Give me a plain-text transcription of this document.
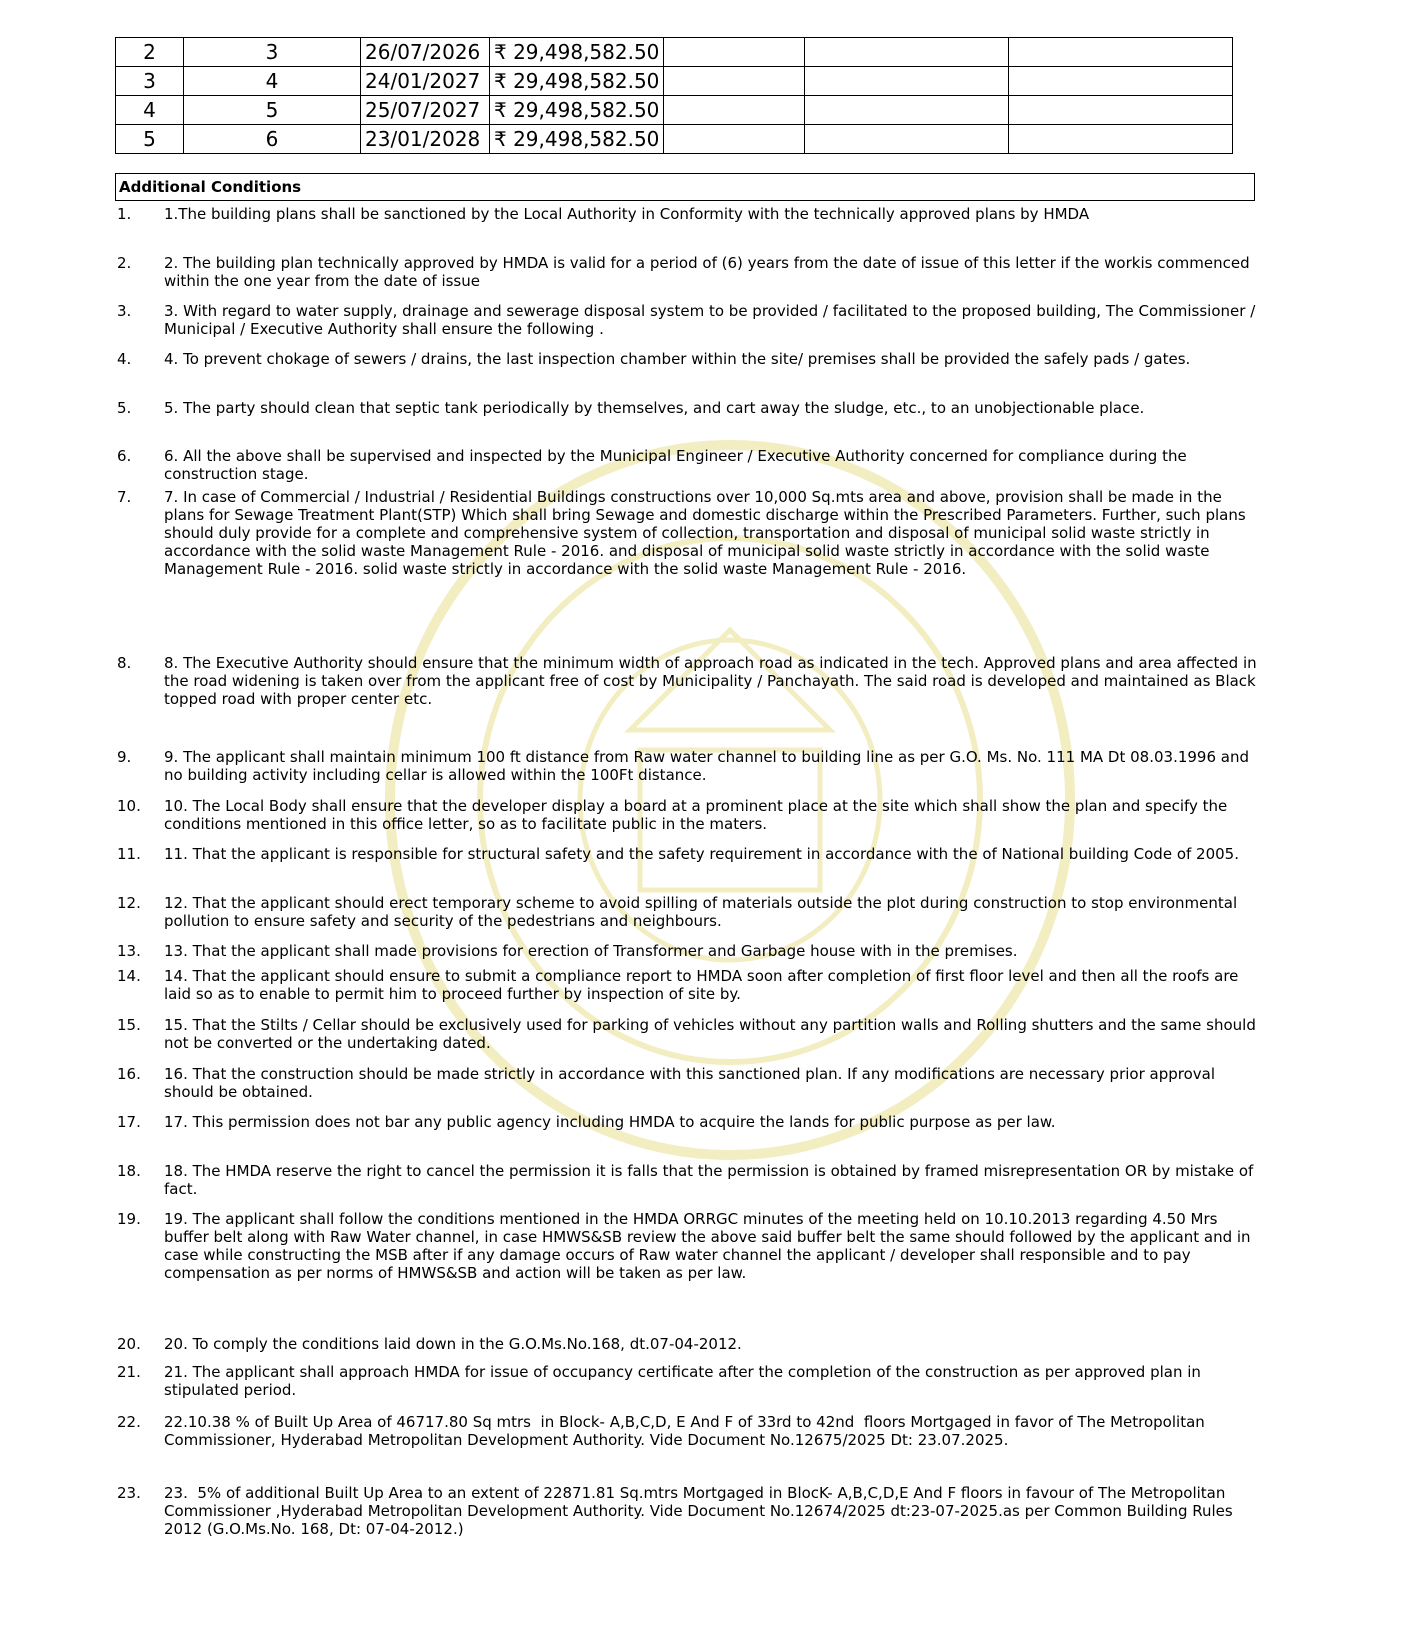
2	3	26/07/2026	₹ 29,498,582.50			
3	4	24/01/2027	₹ 29,498,582.50			
4	5	25/07/2027	₹ 29,498,582.50			
5	6	23/01/2028	₹ 29,498,582.50			
Additional Conditions
1.	1.The building plans shall be sanctioned by the Local Authority in Conformity with the technically approved plans by HMDA
2.	2. The building plan technically approved by HMDA is valid for a period of (6) years from the date of issue of this letter if the workis commenced
within the one year from the date of issue
3.	3. With regard to water supply, drainage and sewerage disposal system to be provided / facilitated to the proposed building, The Commissioner /
Municipal / Executive Authority shall ensure the following .
4.	4. To prevent chokage of sewers / drains, the last inspection chamber within the site/ premises shall be provided the safely pads / gates.
5.	5. The party should clean that septic tank periodically by themselves, and cart away the sludge, etc., to an unobjectionable place.
6.	6. All the above shall be supervised and inspected by the Municipal Engineer / Executive Authority concerned for compliance during the
construction stage.
7.	7. In case of Commercial / Industrial / Residential Buildings constructions over 10,000 Sq.mts area and above, provision shall be made in the
plans for Sewage Treatment Plant(STP) Which shall bring Sewage and domestic discharge within the Prescribed Parameters. Further, such plans
should duly provide for a complete and comprehensive system of collection, transportation and disposal of municipal solid waste strictly in
accordance with the solid waste Management Rule - 2016. and disposal of municipal solid waste strictly in accordance with the solid waste
Management Rule - 2016. solid waste strictly in accordance with the solid waste Management Rule - 2016.
8.	8. The Executive Authority should ensure that the minimum width of approach road as indicated in the tech. Approved plans and area affected in
the road widening is taken over from the applicant free of cost by Municipality / Panchayath. The said road is developed and maintained as Black
topped road with proper center etc.
9.	9. The applicant shall maintain minimum 100 ft distance from Raw water channel to building line as per G.O. Ms. No. 111 MA Dt 08.03.1996 and
no building activity including cellar is allowed within the 100Ft distance.
10.	10. The Local Body shall ensure that the developer display a board at a prominent place at the site which shall show the plan and specify the
conditions mentioned in this office letter, so as to facilitate public in the maters.
11.	11. That the applicant is responsible for structural safety and the safety requirement in accordance with the of National building Code of 2005.
12.	12. That the applicant should erect temporary scheme to avoid spilling of materials outside the plot during construction to stop environmental
pollution to ensure safety and security of the pedestrians and neighbours.
13.	13. That the applicant shall made provisions for erection of Transformer and Garbage house with in the premises.
14.	14. That the applicant should ensure to submit a compliance report to HMDA soon after completion of first floor level and then all the roofs are
laid so as to enable to permit him to proceed further by inspection of site by.
15.	15. That the Stilts / Cellar should be exclusively used for parking of vehicles without any partition walls and Rolling shutters and the same should
not be converted or the undertaking dated.
16.	16. That the construction should be made strictly in accordance with this sanctioned plan. If any modifications are necessary prior approval
should be obtained.
17.	17. This permission does not bar any public agency including HMDA to acquire the lands for public purpose as per law.
18.	18. The HMDA reserve the right to cancel the permission it is falls that the permission is obtained by framed misrepresentation OR by mistake of
fact.
19.	19. The applicant shall follow the conditions mentioned in the HMDA ORRGC minutes of the meeting held on 10.10.2013 regarding 4.50 Mrs
buffer belt along with Raw Water channel, in case HMWS&SB review the above said buffer belt the same should followed by the applicant and in
case while constructing the MSB after if any damage occurs of Raw water channel the applicant / developer shall responsible and to pay
compensation as per norms of HMWS&SB and action will be taken as per law.
20.	20. To comply the conditions laid down in the G.O.Ms.No.168, dt.07-04-2012.
21.	21. The applicant shall approach HMDA for issue of occupancy certificate after the completion of the construction as per approved plan in
stipulated period.
22.	22.10.38 % of Built Up Area of 46717.80 Sq mtrs  in Block- A,B,C,D, E And F of 33rd to 42nd  floors Mortgaged in favor of The Metropolitan
Commissioner, Hyderabad Metropolitan Development Authority. Vide Document No.12675/2025 Dt: 23.07.2025.
23.	23.  5% of additional Built Up Area to an extent of 22871.81 Sq.mtrs Mortgaged in BlocK- A,B,C,D,E And F floors in favour of The Metropolitan
Commissioner ,Hyderabad Metropolitan Development Authority. Vide Document No.12674/2025 dt:23-07-2025.as per Common Building Rules
2012 (G.O.Ms.No. 168, Dt: 07-04-2012.)
